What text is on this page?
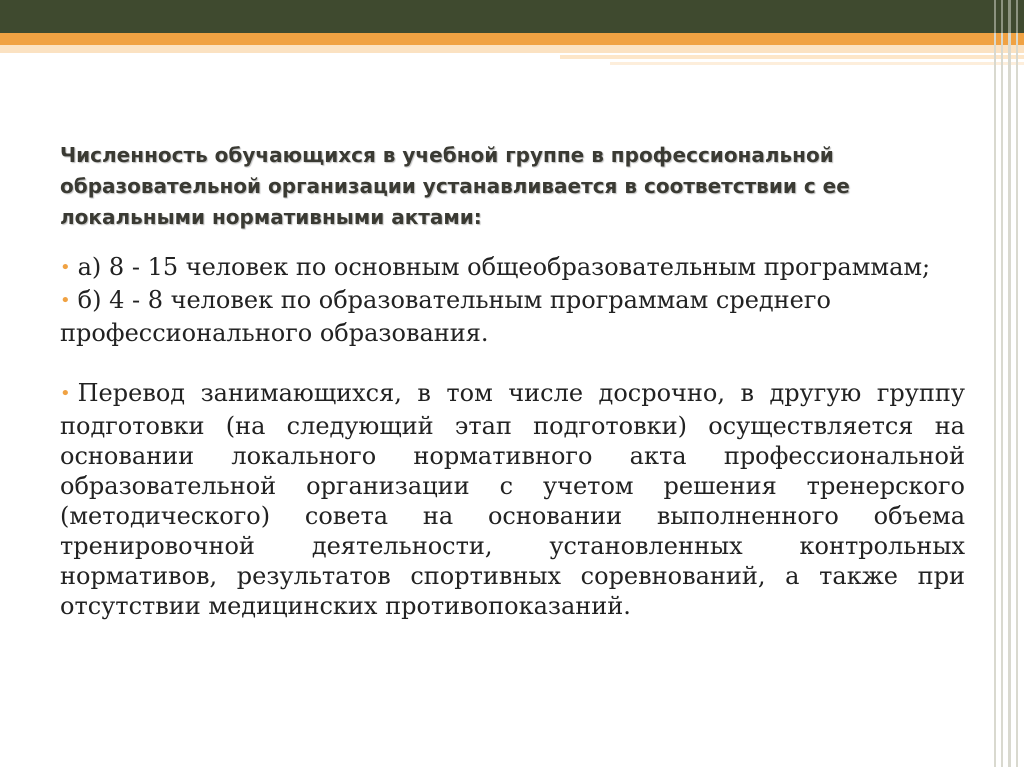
Численность обучающихся в учебной группе в профессиональной образовательной организации устанавливается в соответствии с ее локальными нормативными актами:

• а) 8 - 15 человек по основным общеобразовательным программам;

• б) 4 - 8 человек по образовательным программам среднего профессионального образования.

• Перевод занимающихся, в том числе досрочно, в другую группу подготовки (на следующий этап подготовки) осуществляется на основании локального нормативного акта профессиональной образовательной организации с учетом решения тренерского (методического) совета на основании выполненного объема тренировочной деятельности, установленных контрольных нормативов, результатов спортивных соревнований, а также при отсутствии медицинских противопоказаний.
